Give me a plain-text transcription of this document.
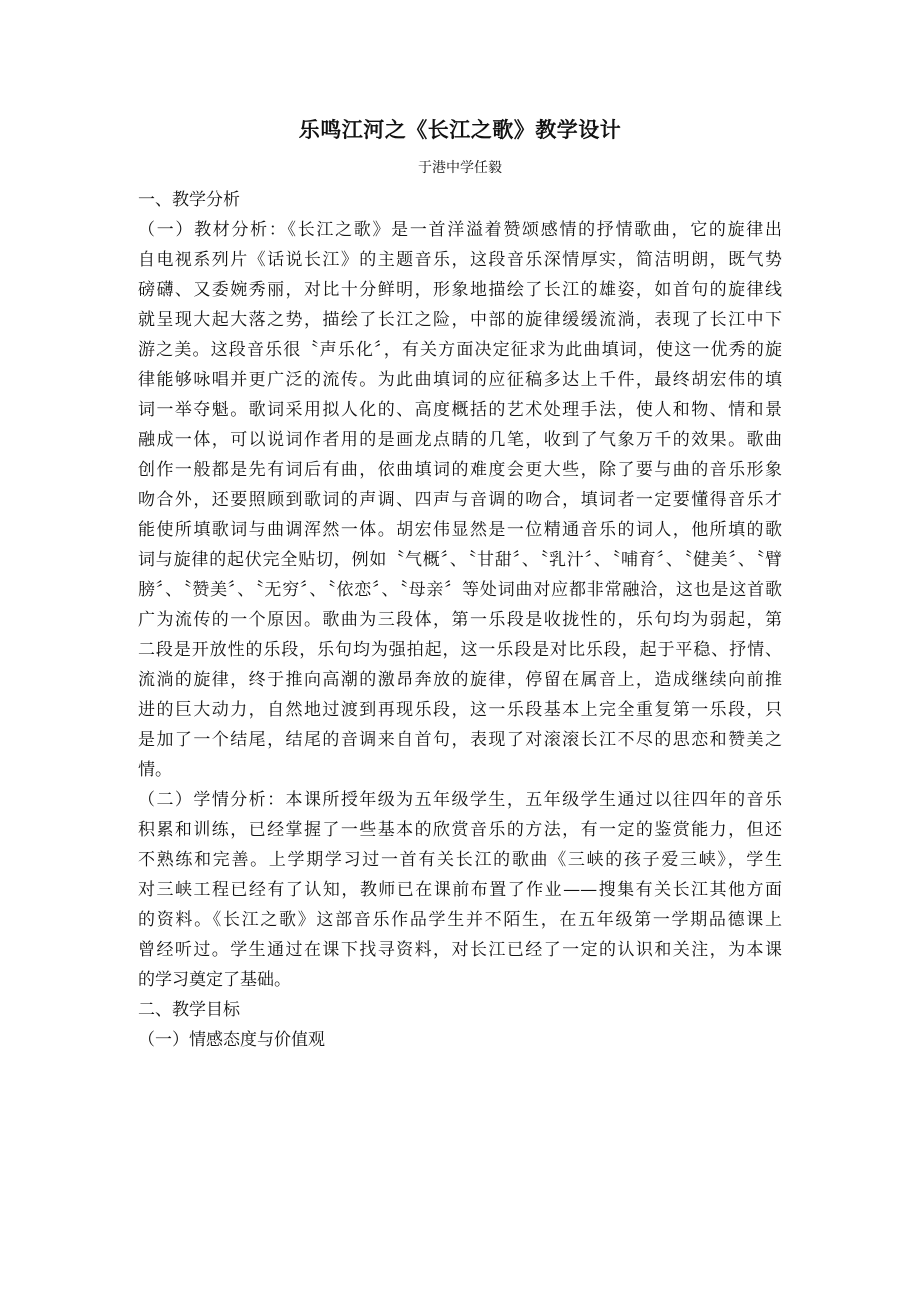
乐鸣江河之《长江之歌》教学设计
于港中学任毅
一、教学分析
（一）教材分析：《长江之歌》是一首洋溢着赞颂感情的抒情歌曲，它的旋律出
自电视系列片《话说长江》的主题音乐，这段音乐深情厚实，简洁明朗，既气势
磅礴、又委婉秀丽，对比十分鲜明，形象地描绘了长江的雄姿，如首句的旋律线
就呈现大起大落之势，描绘了长江之险，中部的旋律缓缓流淌，表现了长江中下
游之美。这段音乐很〝声乐化〞，有关方面决定征求为此曲填词，使这一优秀的旋
律能够咏唱并更广泛的流传。为此曲填词的应征稿多达上千件，最终胡宏伟的填
词一举夺魁。歌词采用拟人化的、高度概括的艺术处理手法，使人和物、情和景
融成一体，可以说词作者用的是画龙点睛的几笔，收到了气象万千的效果。歌曲
创作一般都是先有词后有曲，依曲填词的难度会更大些，除了要与曲的音乐形象
吻合外，还要照顾到歌词的声调、四声与音调的吻合，填词者一定要懂得音乐才
能使所填歌词与曲调浑然一体。胡宏伟显然是一位精通音乐的词人，他所填的歌
词与旋律的起伏完全贴切，例如〝气概〞、〝甘甜〞、〝乳汁〞、〝哺育〞、〝健美〞、〝臂
膀〞、〝赞美〞、〝无穷〞、〝依恋〞、〝母亲〞等处词曲对应都非常融洽，这也是这首歌
广为流传的一个原因。歌曲为三段体，第一乐段是收拢性的，乐句均为弱起，第
二段是开放性的乐段，乐句均为强拍起，这一乐段是对比乐段，起于平稳、抒情、
流淌的旋律，终于推向高潮的激昂奔放的旋律，停留在属音上，造成继续向前推
进的巨大动力，自然地过渡到再现乐段，这一乐段基本上完全重复第一乐段，只
是加了一个结尾，结尾的音调来自首句，表现了对滚滚长江不尽的思恋和赞美之
情。
（二）学情分析：本课所授年级为五年级学生，五年级学生通过以往四年的音乐
积累和训练，已经掌握了一些基本的欣赏音乐的方法，有一定的鉴赏能力，但还
不熟练和完善。上学期学习过一首有关长江的歌曲《三峡的孩子爱三峡》，学生
对三峡工程已经有了认知，教师已在课前布置了作业——搜集有关长江其他方面
的资料。《长江之歌》这部音乐作品学生并不陌生，在五年级第一学期品德课上
曾经听过。学生通过在课下找寻资料，对长江已经了一定的认识和关注，为本课
的学习奠定了基础。
二、教学目标
（一）情感态度与价值观
